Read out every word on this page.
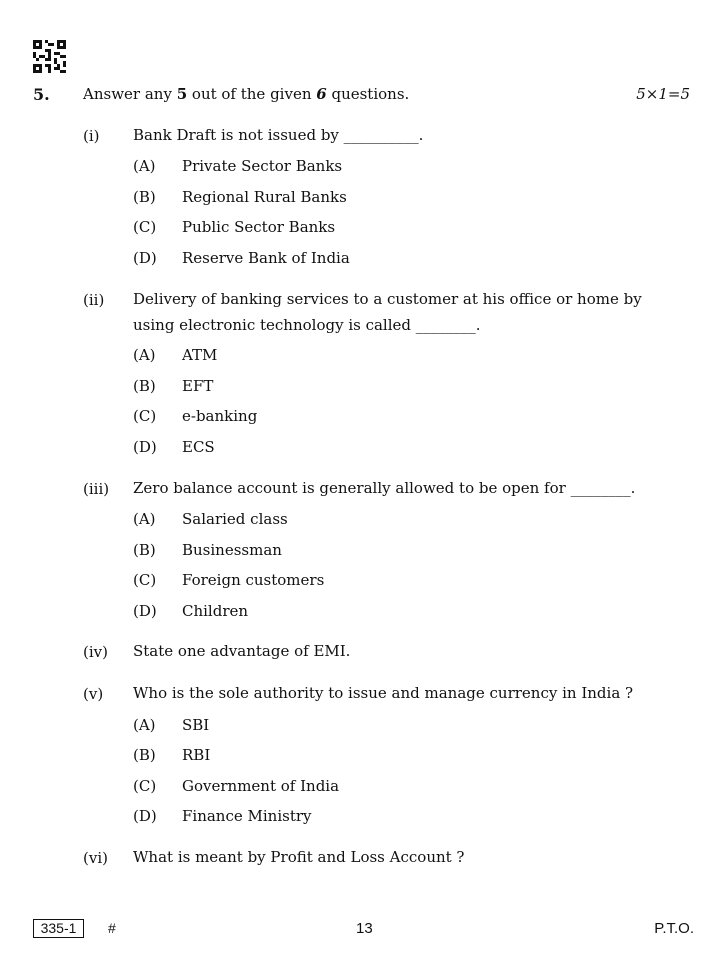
5. Answer any 5 out of the given 6 questions.	5×1=5
(i) Bank Draft is not issued by __________.
(A) Private Sector Banks
(B) Regional Rural Banks
(C) Public Sector Banks
(D) Reserve Bank of India
(ii) Delivery of banking services to a customer at his office or home by using electronic technology is called ________.
(A) ATM
(B) EFT
(C) e-banking
(D) ECS
(iii) Zero balance account is generally allowed to be open for ________.
(A) Salaried class
(B) Businessman
(C) Foreign customers
(D) Children
(iv) State one advantage of EMI.
(v) Who is the sole authority to issue and manage currency in India ?
(A) SBI
(B) RBI
(C) Government of India
(D) Finance Ministry
(vi) What is meant by Profit and Loss Account ?
335-1	#	13	P.T.O.
